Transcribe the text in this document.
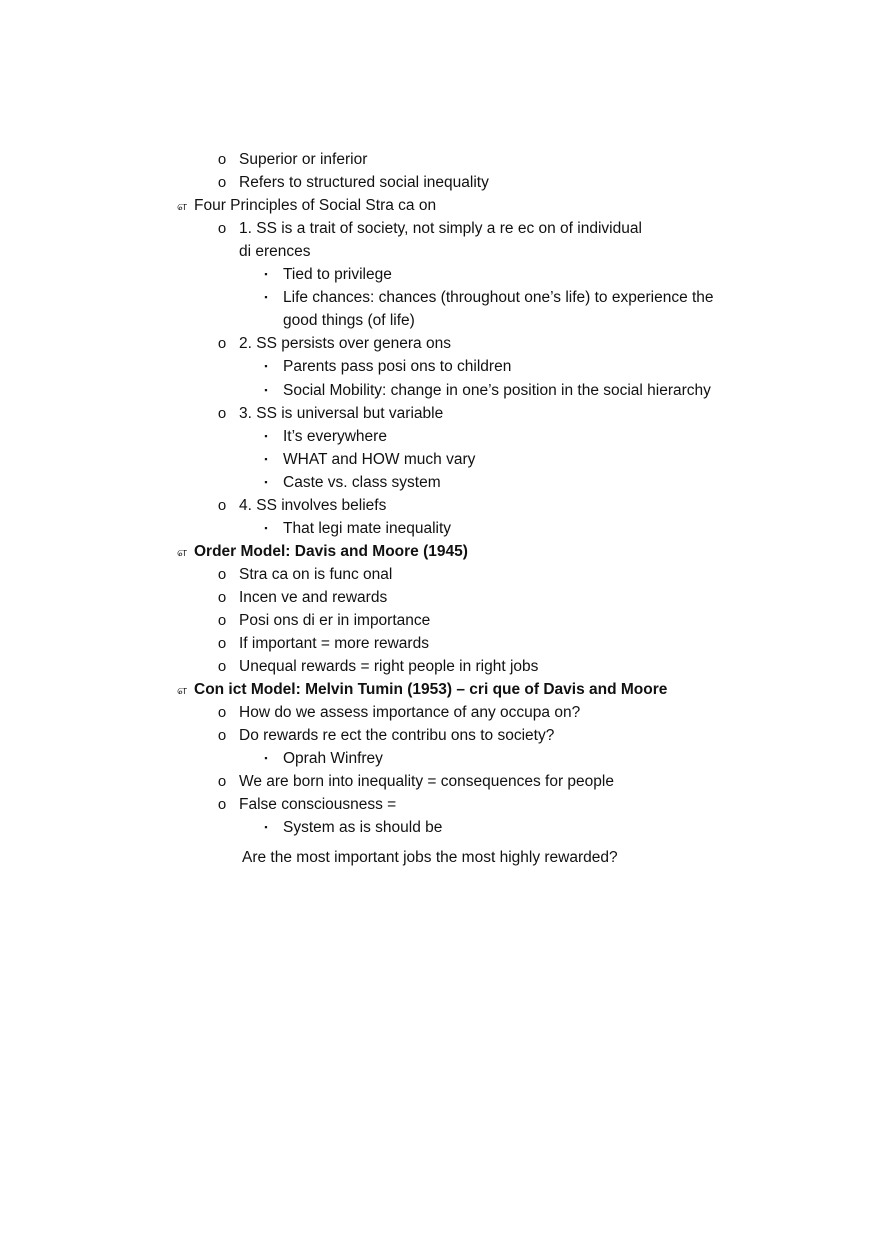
o Superior or inferior
o Refers to structured social inequality
எ Four Principles of Social Stra ca on
o 1. SS is a trait of society, not simply a re ec on of individual
di erences
▪ Tied to privilege
▪ Life chances: chances (throughout one’s life) to experience the
good things (of life)
o 2. SS persists over genera ons
▪ Parents pass posi ons to children
▪ Social Mobility: change in one’s position in the social hierarchy
o 3. SS is universal but variable
▪ It’s everywhere
▪ WHAT and HOW much vary
▪ Caste vs. class system
o 4. SS involves beliefs
▪ That legi mate inequality
எ Order Model: Davis and Moore (1945)
o Stra ca on is func onal
o Incen ve and rewards
o Posi ons di er in importance
o If important = more rewards
o Unequal rewards = right people in right jobs
எ Con ict Model: Melvin Tumin (1953) – cri que of Davis and Moore
o How do we assess importance of any occupa on?
o Do rewards re ect the contribu ons to society?
▪ Oprah Winfrey
o We are born into inequality = consequences for people
o False consciousness =
▪ System as is should be
Are the most important jobs the most highly rewarded?
